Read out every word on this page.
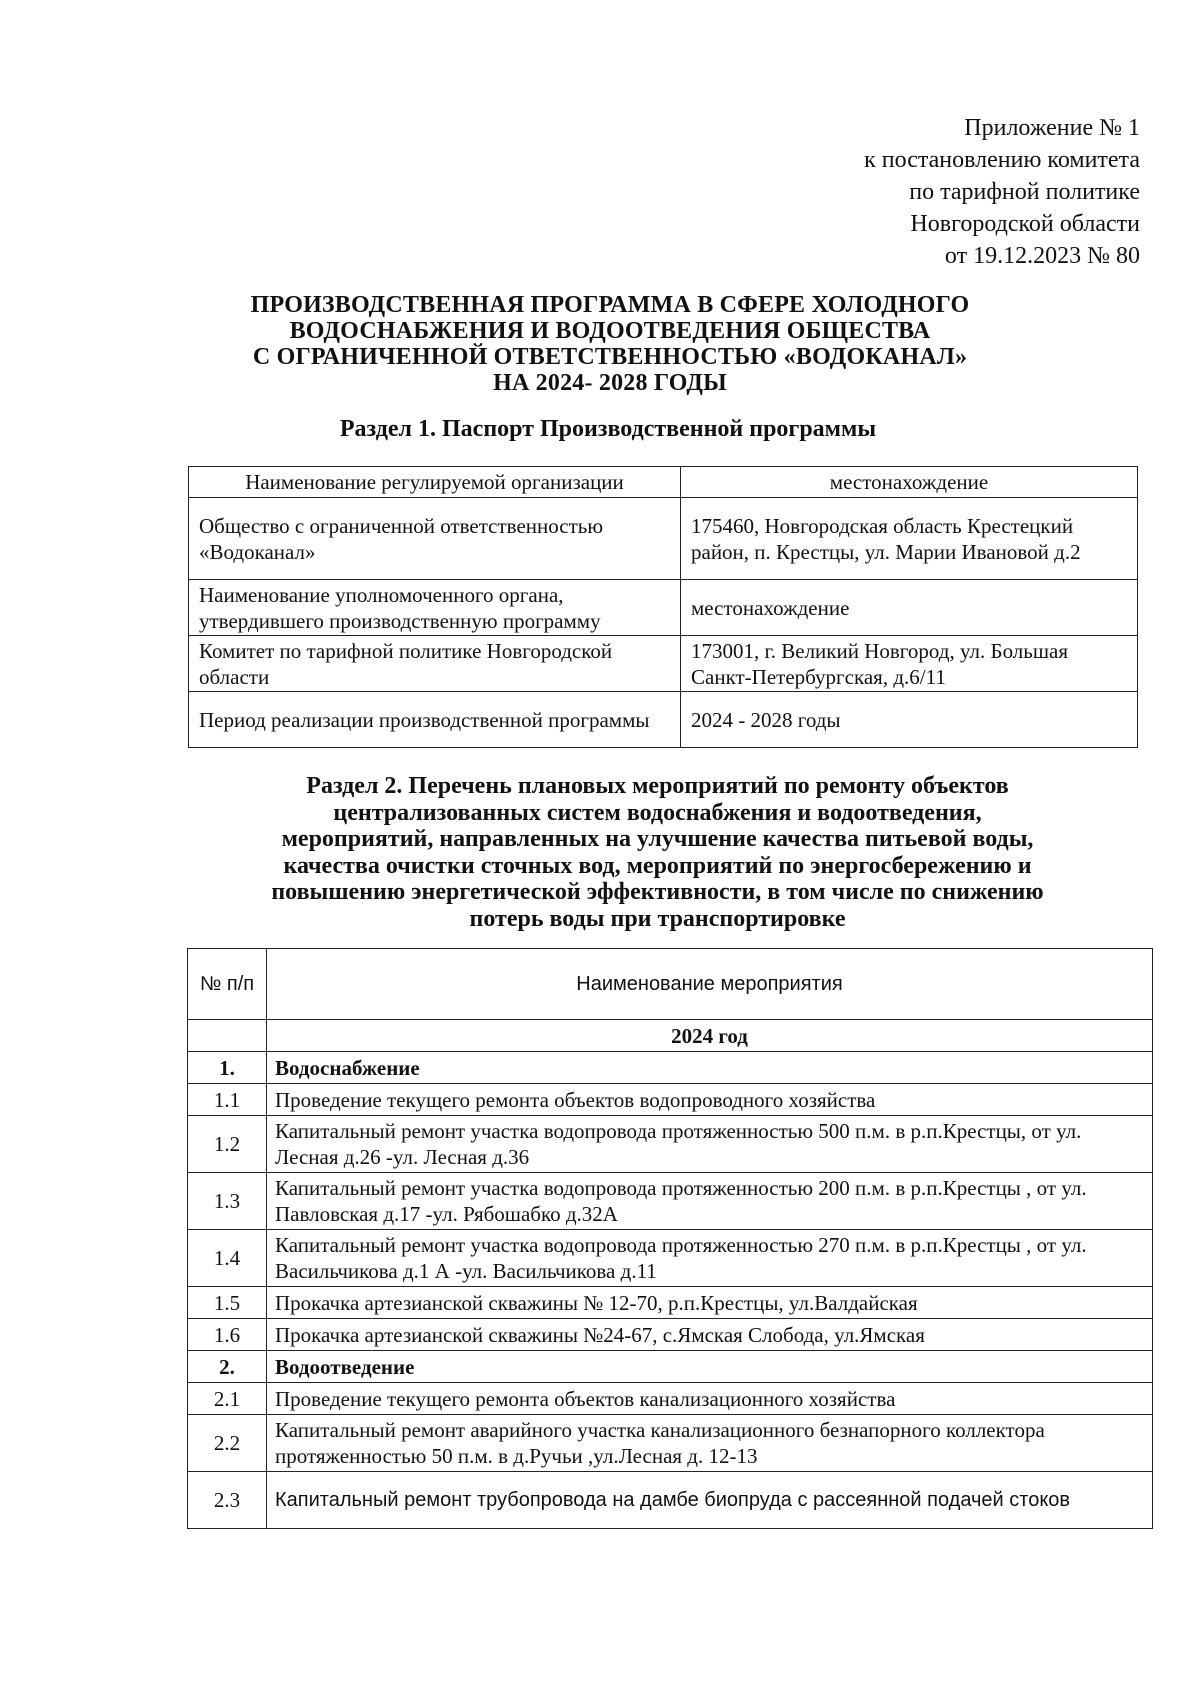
Приложение № 1
к постановлению комитета
по тарифной политике
Новгородской области
от 19.12.2023 № 80
ПРОИЗВОДСТВЕННАЯ ПРОГРАММА В СФЕРЕ ХОЛОДНОГО
ВОДОСНАБЖЕНИЯ И ВОДООТВЕДЕНИЯ ОБЩЕСТВА
С ОГРАНИЧЕННОЙ ОТВЕТСТВЕННОСТЬЮ «ВОДОКАНАЛ»
НА 2024- 2028 ГОДЫ
Раздел 1. Паспорт Производственной программы
Наименование регулируемой организации	местонахождение
Общество с ограниченной ответственностью «Водоканал»	175460, Новгородская область Крестецкий район, п. Крестцы, ул. Марии Ивановой д.2
Наименование уполномоченного органа, утвердившего производственную программу	местонахождение
Комитет по тарифной политике Новгородской области	173001, г. Великий Новгород, ул. Большая Санкт-Петербургская, д.6/11
Период реализации производственной программы	2024 - 2028 годы
Раздел 2. Перечень плановых мероприятий по ремонту объектов
централизованных систем водоснабжения и водоотведения,
мероприятий, направленных на улучшение качества питьевой воды,
качества очистки сточных вод, мероприятий по энергосбережению и
повышению энергетической эффективности, в том числе по снижению
потерь воды при транспортировке
№ п/п	Наименование мероприятия
	2024 год
1.	Водоснабжение
1.1	Проведение текущего ремонта объектов водопроводного хозяйства
1.2	Капитальный ремонт участка водопровода протяженностью 500 п.м. в р.п.Крестцы, от ул. Лесная д.26 -ул. Лесная д.36
1.3	Капитальный ремонт участка водопровода протяженностью 200 п.м. в р.п.Крестцы , от ул. Павловская д.17 -ул. Рябошабко д.32А
1.4	Капитальный ремонт участка водопровода протяженностью 270 п.м. в р.п.Крестцы , от ул. Васильчикова д.1 А -ул. Васильчикова д.11
1.5	Прокачка артезианской скважины № 12-70, р.п.Крестцы, ул.Валдайская
1.6	Прокачка артезианской скважины №24-67, с.Ямская Слобода, ул.Ямская
2.	Водоотведение
2.1	Проведение текущего ремонта объектов канализационного хозяйства
2.2	Капитальный ремонт аварийного участка канализационного безнапорного коллектора протяженностью 50 п.м. в д.Ручьи ,ул.Лесная д. 12-13
2.3	Капитальный ремонт трубопровода на дамбе биопруда с рассеянной подачей стоков
